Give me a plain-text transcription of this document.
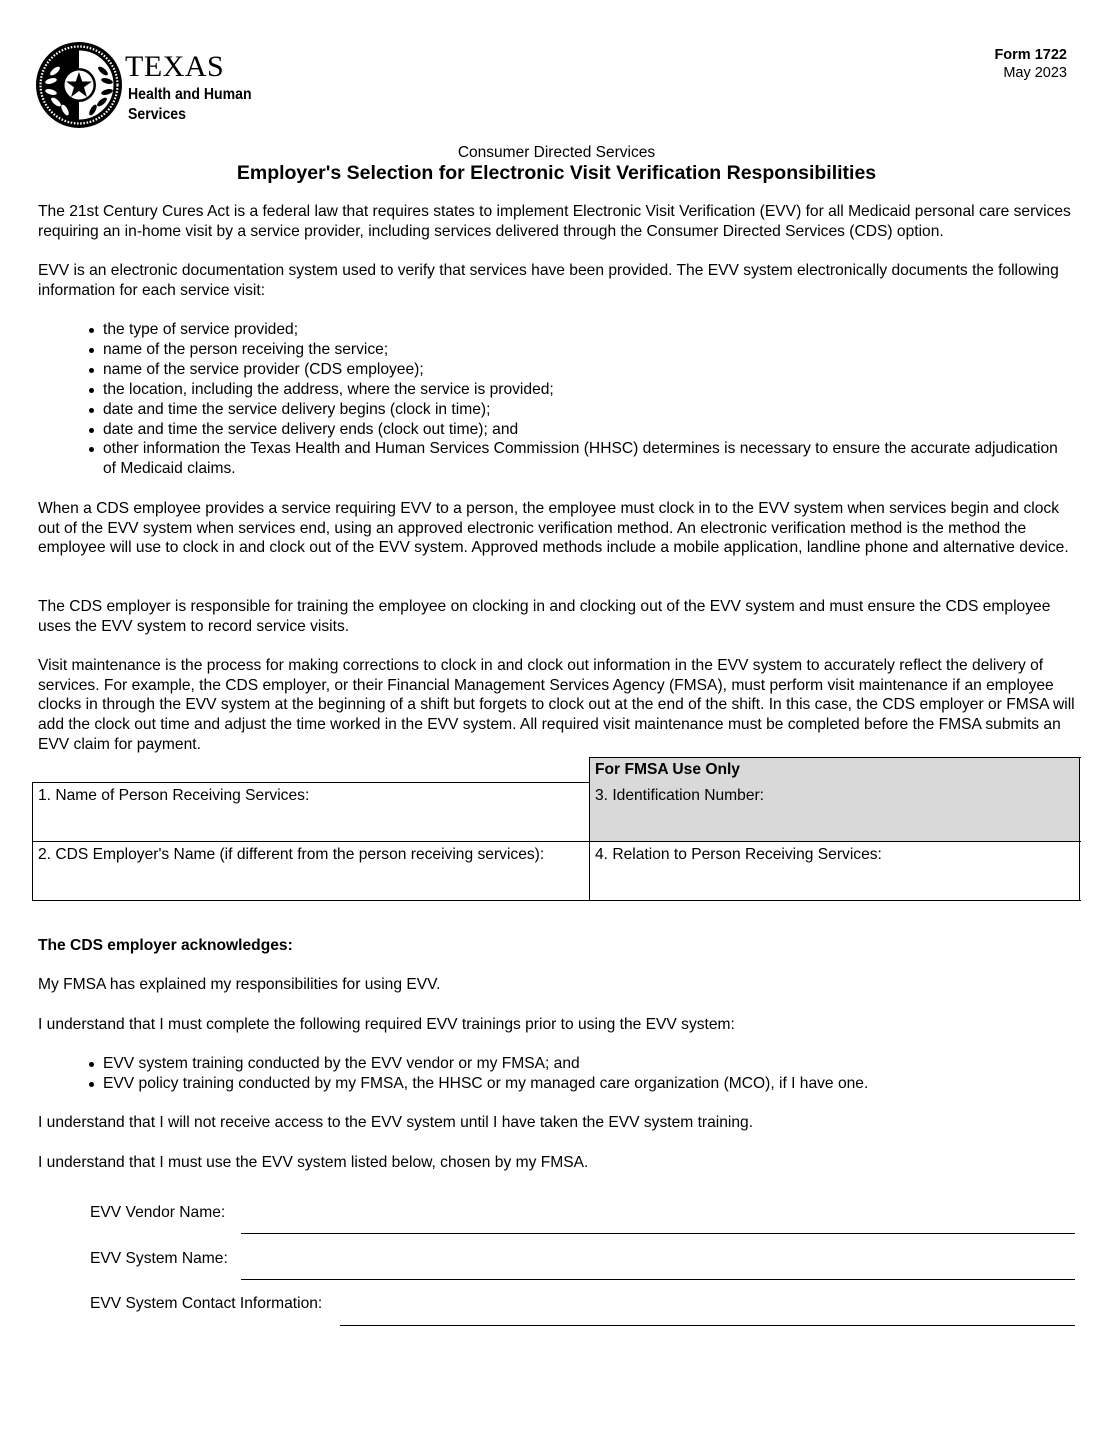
TEXAS
Health and Human
Services
Form 1722
May 2023
Consumer Directed Services
Employer's Selection for Electronic Visit Verification Responsibilities
The 21st Century Cures Act is a federal law that requires states to implement Electronic Visit Verification (EVV) for all Medicaid personal care services requiring an in-home visit by a service provider, including services delivered through the Consumer Directed Services (CDS) option.
EVV is an electronic documentation system used to verify that services have been provided. The EVV system electronically documents the following information for each service visit:
the type of service provided;
name of the person receiving the service;
name of the service provider (CDS employee);
the location, including the address, where the service is provided;
date and time the service delivery begins (clock in time);
date and time the service delivery ends (clock out time); and
other information the Texas Health and Human Services Commission (HHSC) determines is necessary to ensure the accurate adjudication of Medicaid claims.
When a CDS employee provides a service requiring EVV to a person, the employee must clock in to the EVV system when services begin and clock out of the EVV system when services end, using an approved electronic verification method. An electronic verification method is the method the employee will use to clock in and clock out of the EVV system. Approved methods include a mobile application, landline phone and alternative device.
The CDS employer is responsible for training the employee on clocking in and clocking out of the EVV system and must ensure the CDS employee uses the EVV system to record service visits.
Visit maintenance is the process for making corrections to clock in and clock out information in the EVV system to accurately reflect the delivery of services. For example, the CDS employer, or their Financial Management Services Agency (FMSA), must perform visit maintenance if an employee clocks in through the EVV system at the beginning of a shift but forgets to clock out at the end of the shift. In this case, the CDS employer or FMSA will add the clock out time and adjust the time worked in the EVV system. All required visit maintenance must be completed before the FMSA submits an EVV claim for payment.
For FMSA Use Only
1. Name of Person Receiving Services:
2. CDS Employer's Name (if different from the person receiving services):
3. Identification Number:
4. Relation to Person Receiving Services:
The CDS employer acknowledges:
My FMSA has explained my responsibilities for using EVV.
I understand that I must complete the following required EVV trainings prior to using the EVV system:
EVV system training conducted by the EVV vendor or my FMSA; and
EVV policy training conducted by my FMSA, the HHSC or my managed care organization (MCO), if I have one.
I understand that I will not receive access to the EVV system until I have taken the EVV system training.
I understand that I must use the EVV system listed below, chosen by my FMSA.
EVV Vendor Name:
EVV System Name:
EVV System Contact Information:
